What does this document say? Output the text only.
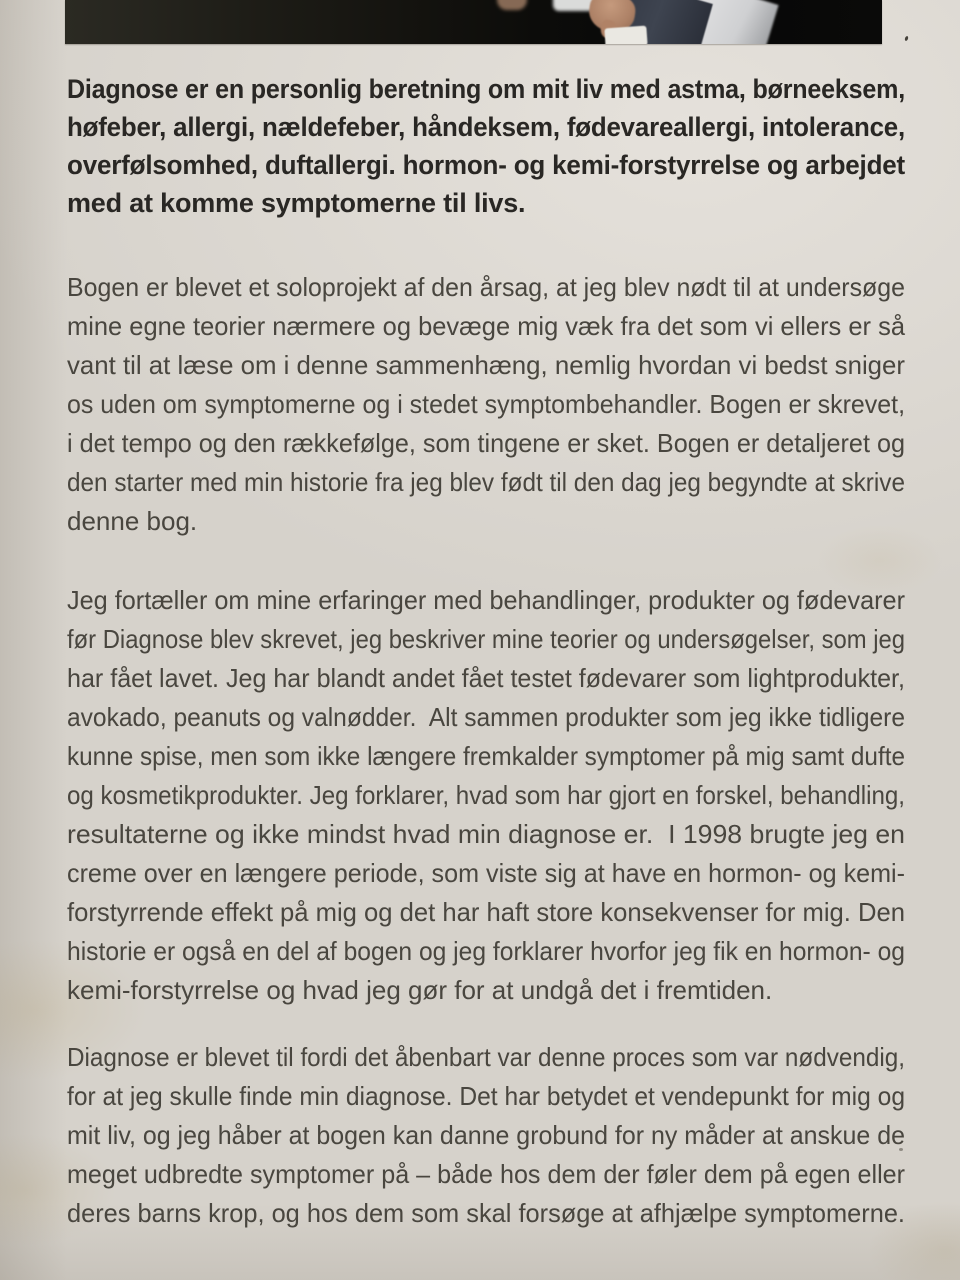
Diagnose er en personlig beretning om mit liv med astma, børneeksem,
høfeber, allergi, nældefeber, håndeksem, fødevareallergi, intolerance,
overfølsomhed, duftallergi. hormon- og kemi-forstyrrelse og arbejdet
med at komme symptomerne til livs.
Bogen er blevet et soloprojekt af den årsag, at jeg blev nødt til at undersøge
mine egne teorier nærmere og bevæge mig væk fra det som vi ellers er så
vant til at læse om i denne sammenhæng, nemlig hvordan vi bedst sniger
os uden om symptomerne og i stedet symptombehandler. Bogen er skrevet,
i det tempo og den rækkefølge, som tingene er sket. Bogen er detaljeret og
den starter med min historie fra jeg blev født til den dag jeg begyndte at skrive
denne bog.
Jeg fortæller om mine erfaringer med behandlinger, produkter og fødevarer
før Diagnose blev skrevet, jeg beskriver mine teorier og undersøgelser, som jeg
har fået lavet. Jeg har blandt andet fået testet fødevarer som lightprodukter,
avokado, peanuts og valnødder.  Alt sammen produkter som jeg ikke tidligere
kunne spise, men som ikke længere fremkalder symptomer på mig samt dufte
og kosmetikprodukter. Jeg forklarer, hvad som har gjort en forskel, behandling,
resultaterne og ikke mindst hvad min diagnose er.  I 1998 brugte jeg en
creme over en længere periode, som viste sig at have en hormon- og kemi-
forstyrrende effekt på mig og det har haft store konsekvenser for mig. Den
historie er også en del af bogen og jeg forklarer hvorfor jeg fik en hormon- og
kemi-forstyrrelse og hvad jeg gør for at undgå det i fremtiden.
Diagnose er blevet til fordi det åbenbart var denne proces som var nødvendig,
for at jeg skulle finde min diagnose. Det har betydet et vendepunkt for mig og
mit liv, og jeg håber at bogen kan danne grobund for ny måder at anskue de
meget udbredte symptomer på – både hos dem der føler dem på egen eller
deres barns krop, og hos dem som skal forsøge at afhjælpe symptomerne.
